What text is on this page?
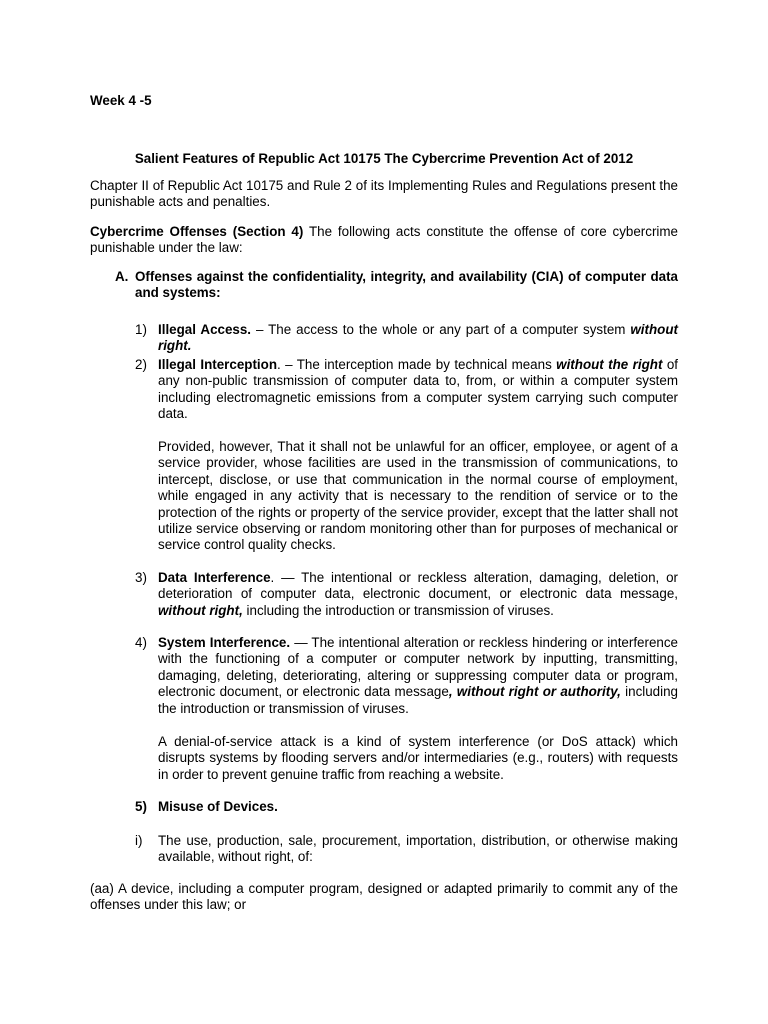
Week 4 -5
Salient Features of Republic Act 10175 The Cybercrime Prevention Act of 2012
Chapter II of Republic Act 10175 and Rule 2 of its Implementing Rules and Regulations present the punishable acts and penalties.
Cybercrime Offenses (Section 4) The following acts constitute the offense of core cybercrime punishable under the law:
A. Offenses against the confidentiality, integrity, and availability (CIA) of computer data and systems:
1) Illegal Access. – The access to the whole or any part of a computer system without right.
2) Illegal Interception. – The interception made by technical means without the right of any non-public transmission of computer data to, from, or within a computer system including electromagnetic emissions from a computer system carrying such computer data.
Provided, however, That it shall not be unlawful for an officer, employee, or agent of a service provider, whose facilities are used in the transmission of communications, to intercept, disclose, or use that communication in the normal course of employment, while engaged in any activity that is necessary to the rendition of service or to the protection of the rights or property of the service provider, except that the latter shall not utilize service observing or random monitoring other than for purposes of mechanical or service control quality checks.
3) Data Interference. — The intentional or reckless alteration, damaging, deletion, or deterioration of computer data, electronic document, or electronic data message, without right, including the introduction or transmission of viruses.
4) System Interference. — The intentional alteration or reckless hindering or interference with the functioning of a computer or computer network by inputting, transmitting, damaging, deleting, deteriorating, altering or suppressing computer data or program, electronic document, or electronic data message, without right or authority, including the introduction or transmission of viruses.
A denial-of-service attack is a kind of system interference (or DoS attack) which disrupts systems by flooding servers and/or intermediaries (e.g., routers) with requests in order to prevent genuine traffic from reaching a website.
5) Misuse of Devices.
i) The use, production, sale, procurement, importation, distribution, or otherwise making available, without right, of:
(aa) A device, including a computer program, designed or adapted primarily to commit any of the offenses under this law; or
